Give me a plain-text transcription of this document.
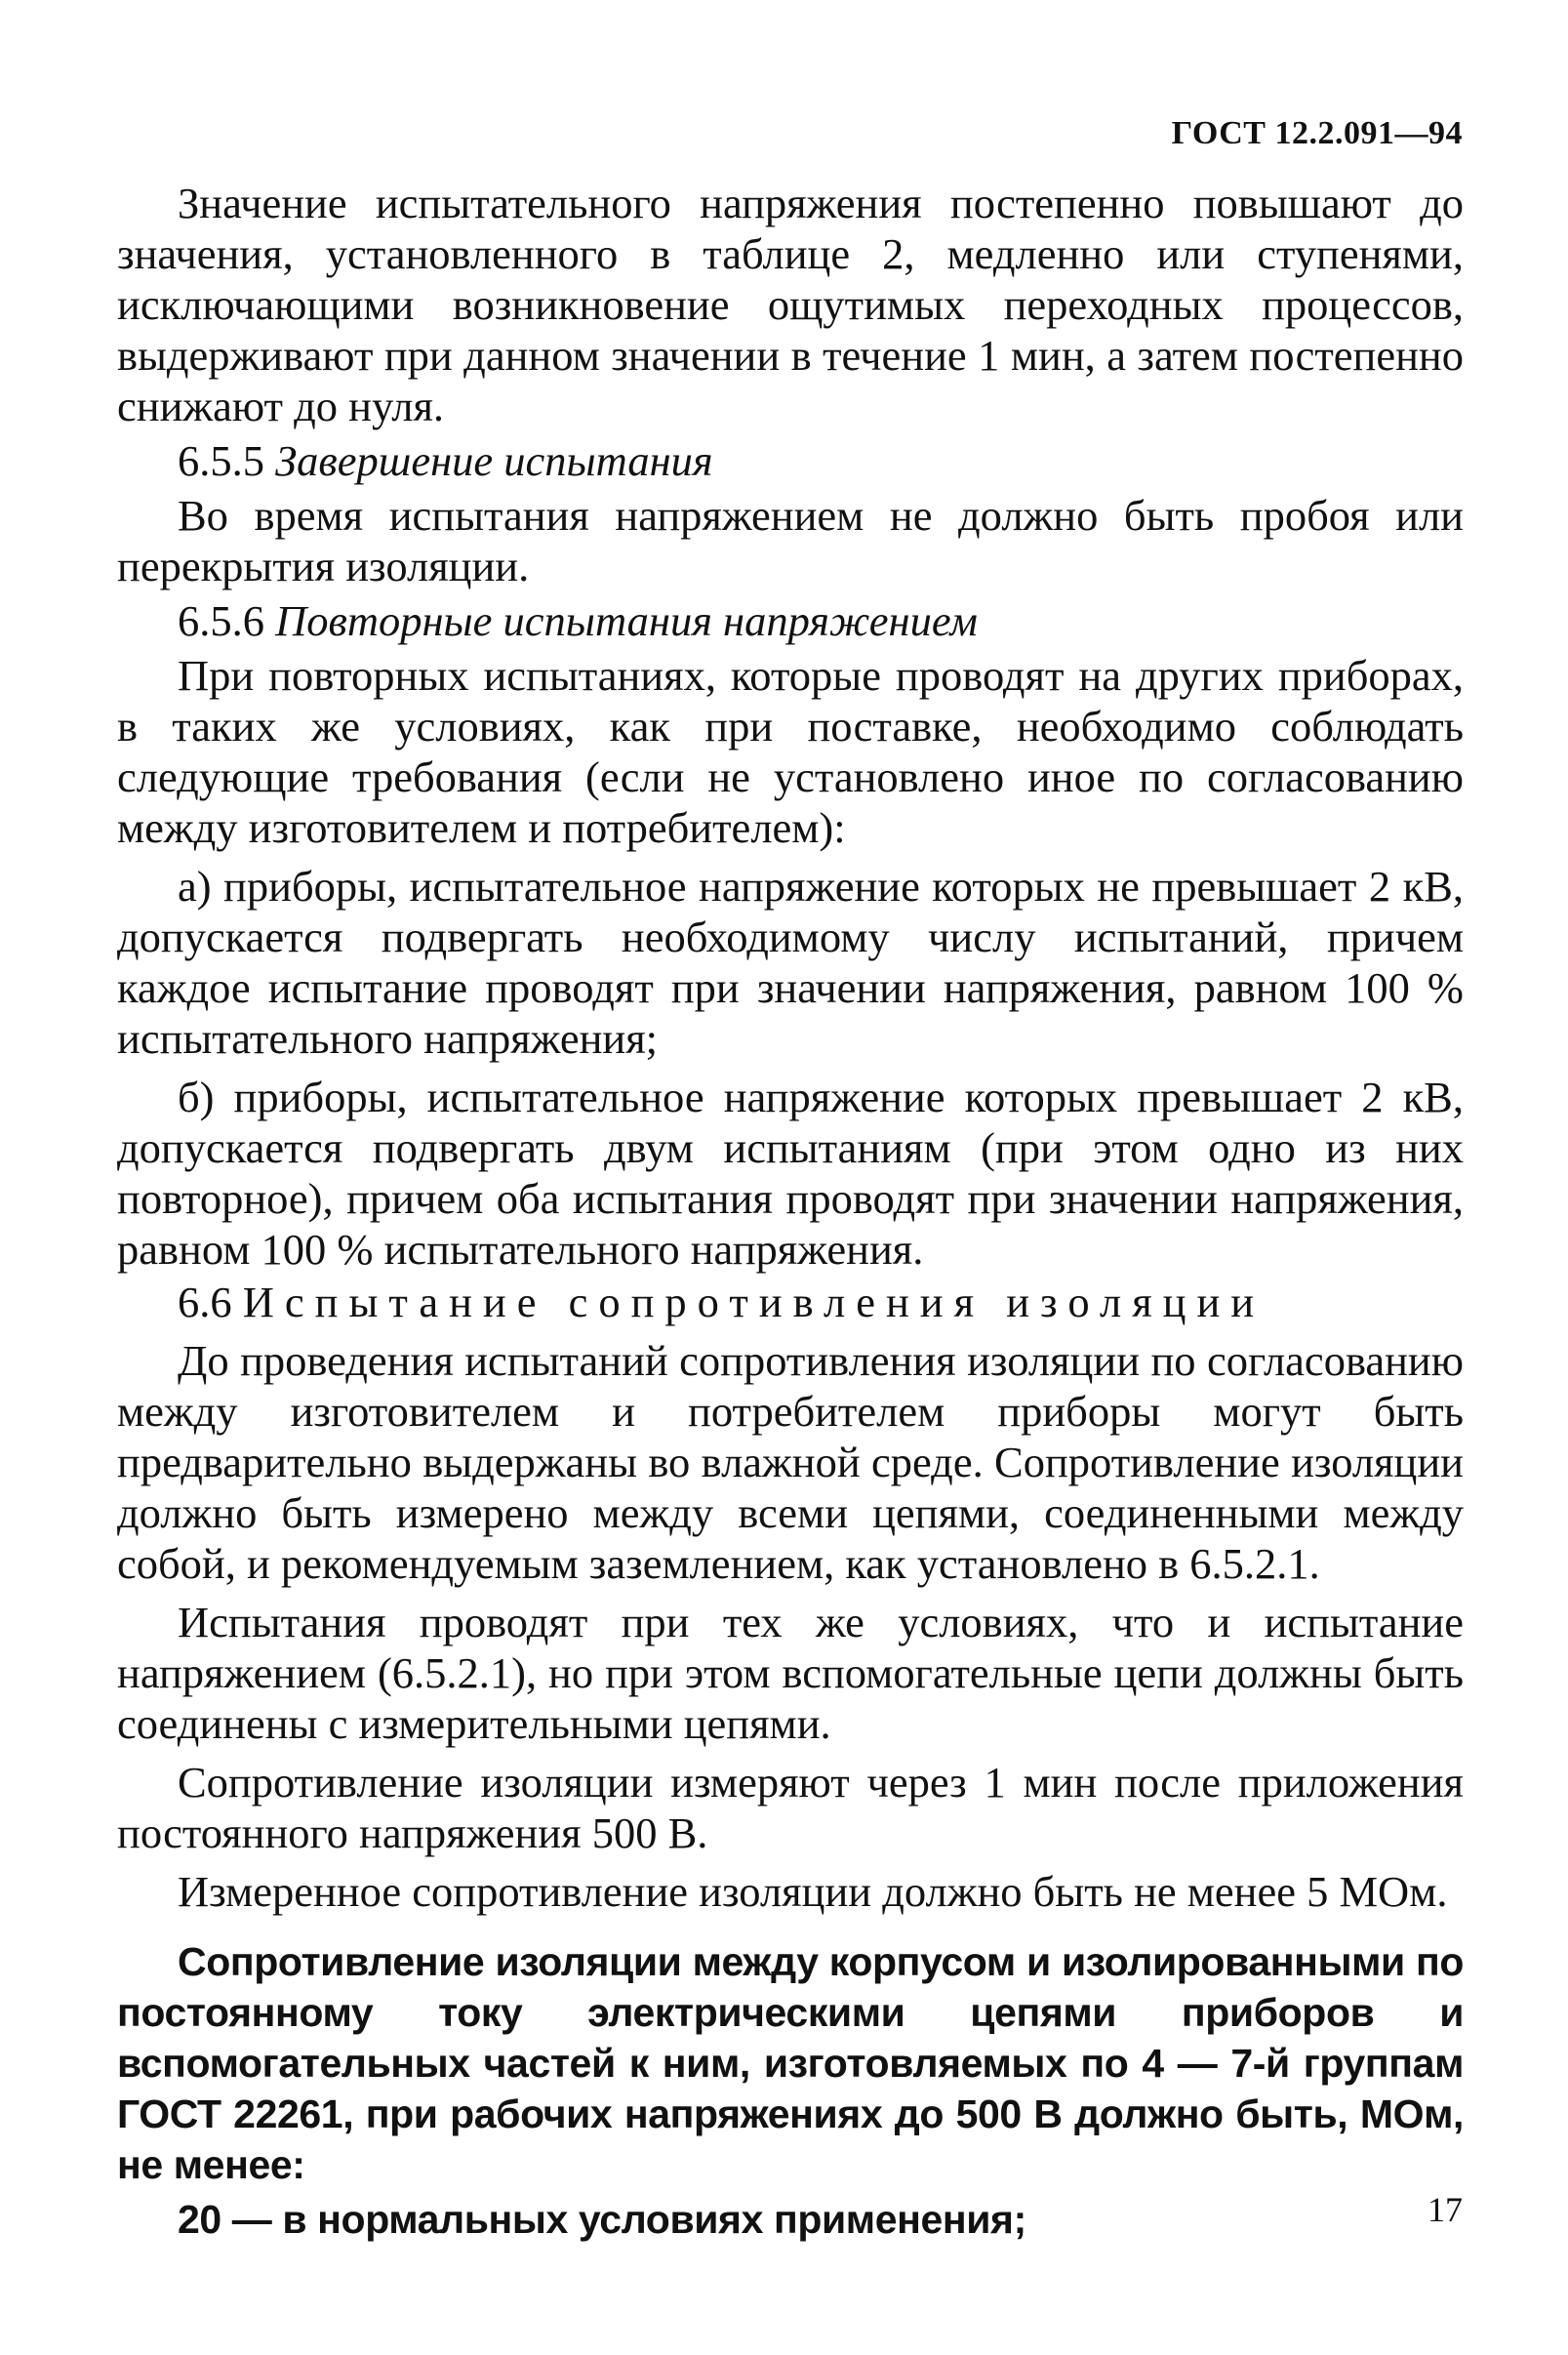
ГОСТ 12.2.091—94

Значение испытательного напряжения постепенно повышают до значения, установленного в таблице 2, медленно или ступенями, исключающими возникновение ощутимых переходных процессов, выдерживают при данном значении в течение 1 мин, а затем постепенно снижают до нуля.

6.5.5 Завершение испытания

Во время испытания напряжением не должно быть пробоя или перекрытия изоляции.

6.5.6 Повторные испытания напряжением

При повторных испытаниях, которые проводят на других приборах, в таких же условиях, как при поставке, необходимо соблюдать следующие требования (если не установлено иное по согласованию между изготовителем и потребителем):

а) приборы, испытательное напряжение которых не превышает 2 кВ, допускается подвергать необходимому числу испытаний, причем каждое испытание проводят при значении напряжения, равном 100 % испытательного напряжения;

б) приборы, испытательное напряжение которых превышает 2 кВ, допускается подвергать двум испытаниям (при этом одно из них повторное), причем оба испытания проводят при значении напряжения, равном 100 % испытательного напряжения.

6.6 Испытание сопротивления изоляции

До проведения испытаний сопротивления изоляции по согласованию между изготовителем и потребителем приборы могут быть предварительно выдержаны во влажной среде. Сопротивление изоляции должно быть измерено между всеми цепями, соединенными между собой, и рекомендуемым заземлением, как установлено в 6.5.2.1.

Испытания проводят при тех же условиях, что и испытание напряжением (6.5.2.1), но при этом вспомогательные цепи должны быть соединены с измерительными цепями.

Сопротивление изоляции измеряют через 1 мин после приложения постоянного напряжения 500 В.

Измеренное сопротивление изоляции должно быть не менее 5 МОм.

Сопротивление изоляции между корпусом и изолированными по постоянному току электрическими цепями приборов и вспомогательных частей к ним, изготовляемых по 4 — 7-й группам ГОСТ 22261, при рабочих напряжениях до 500 В должно быть, МОм, не менее:

20 — в нормальных условиях применения;	17
